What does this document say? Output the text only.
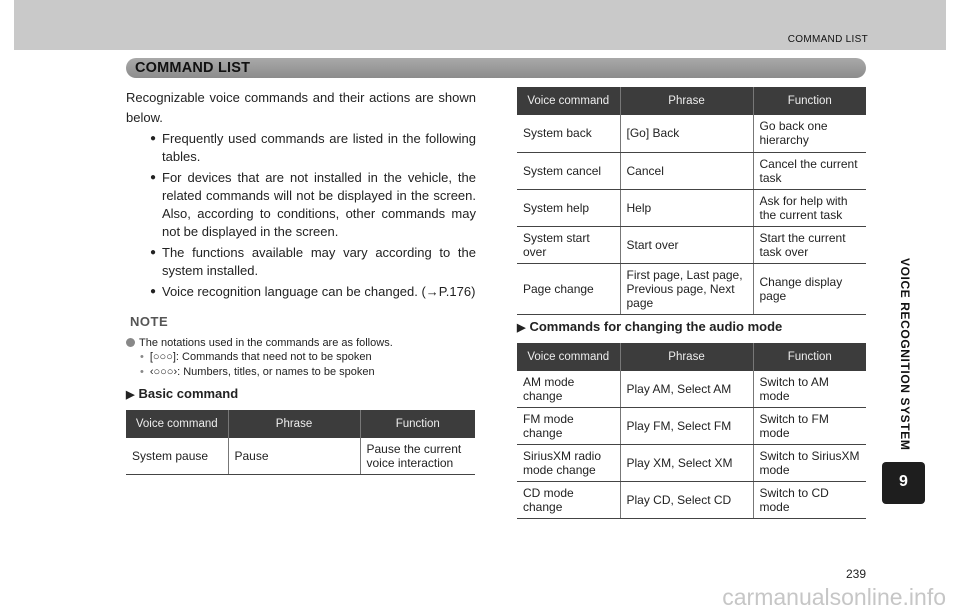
COMMAND LIST
COMMAND LIST

Recognizable voice commands and their actions are shown below.

● Frequently used commands are listed in the following tables.
● For devices that are not installed in the vehicle, the related commands will not be displayed in the screen. Also, according to conditions, other commands may not be displayed in the screen.
● The functions available may vary according to the system installed.
● Voice recognition language can be changed. (→P.176)
NOTE
The notations used in the commands are as follows.
• [○○○]: Commands that need not to be spoken
• ‹○○○›: Numbers, titles, or names to be spoken
▶ Basic command
Voice command	Phrase	Function
System pause	Pause	Pause the current voice interaction
Voice command	Phrase	Function
System back	[Go] Back	Go back one hierarchy
System cancel	Cancel	Cancel the current task
System help	Help	Ask for help with the current task
System start over	Start over	Start the current task over
Page change	First page, Last page, Previous page, Next page	Change display page
▶ Commands for changing the audio mode
Voice command	Phrase	Function
AM mode change	Play AM, Select AM	Switch to AM mode
FM mode change	Play FM, Select FM	Switch to FM mode
SiriusXM radio mode change	Play XM, Select XM	Switch to SiriusXM mode
CD mode change	Play CD, Select CD	Switch to CD mode
VOICE RECOGNITION SYSTEM
9
239
carmanualsonline.info
